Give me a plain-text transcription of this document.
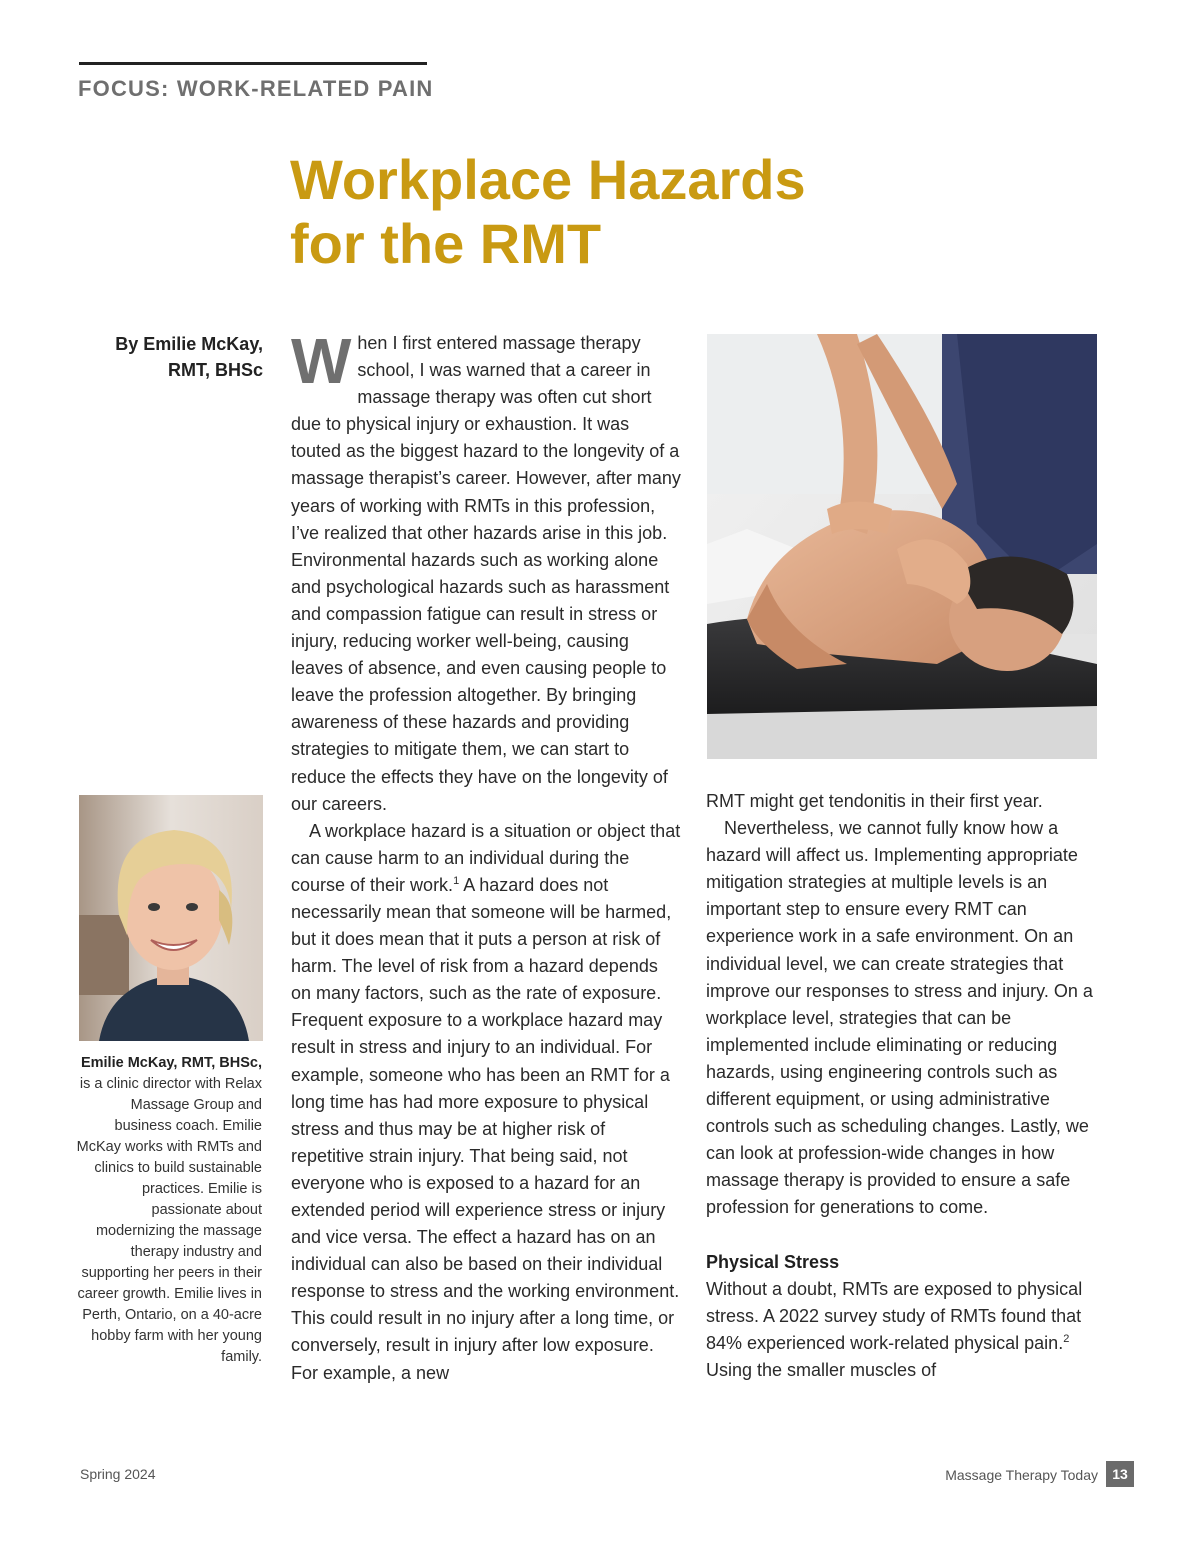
FOCUS: WORK-RELATED PAIN
Workplace Hazards
for the RMT
By Emilie McKay,
RMT, BHSc When I first entered massage therapy school, I was warned that a career in massage therapy was often cut short due to physical injury or exhaustion. It was touted as the biggest hazard to the longevity of a massage therapist’s career. However, after many years of working with RMTs in this profession, I’ve realized that other hazards arise in this job. Environmental hazards such as working alone and psychological hazards such as harassment and compassion fatigue can result in stress or injury, reducing worker well-being, causing leaves of absence, and even causing people to leave the profession altogether. By bringing awareness of these hazards and providing strategies to mitigate them, we can start to reduce the effects they have on the longevity of our careers.

A workplace hazard is a situation or object that can cause harm to an individual during the course of their work.$^1$ A hazard does not necessarily mean that someone will be harmed, but it does mean that it puts a person at risk of harm. The level of risk from a hazard depends on many factors, such as the rate of exposure. Frequent exposure to a workplace hazard may result in stress and injury to an individual. For example, someone who has been an RMT for a long time has had more exposure to physical stress and thus may be at higher risk of repetitive strain injury. That being said, not everyone who is exposed to a hazard for an extended period will experience stress or injury and vice versa. The effect a hazard has on an individual can also be based on their individual response to stress and the working environment. This could result in no injury after a long time, or conversely, result in injury after low exposure. For example, a new

RMT might get tendonitis in their first year.

Nevertheless, we cannot fully know how a hazard will affect us. Implementing appropriate mitigation strategies at multiple levels is an important step to ensure every RMT can experience work in a safe environment. On an individual level, we can create strategies that improve our responses to stress and injury. On a workplace level, strategies that can be implemented include eliminating or reducing hazards, using engineering controls such as different equipment, or using administrative controls such as scheduling changes. Lastly, we can look at profession-wide changes in how massage therapy is provided to ensure a safe profession for generations to come.

Physical Stress

Without a doubt, RMTs are exposed to physical stress. A 2022 survey study of RMTs found that 84% experienced work-related physical pain.$^2$ Using the smaller muscles of

Emilie McKay, RMT, BHSc, is a clinic director with Relax Massage Group and business coach. Emilie McKay works with RMTs and clinics to build sustainable practices. Emilie is passionate about modernizing the massage therapy industry and supporting her peers in their career growth. Emilie lives in Perth, Ontario, on a 40-acre hobby farm with her young family.
Spring 2024	Massage Therapy Today	13
